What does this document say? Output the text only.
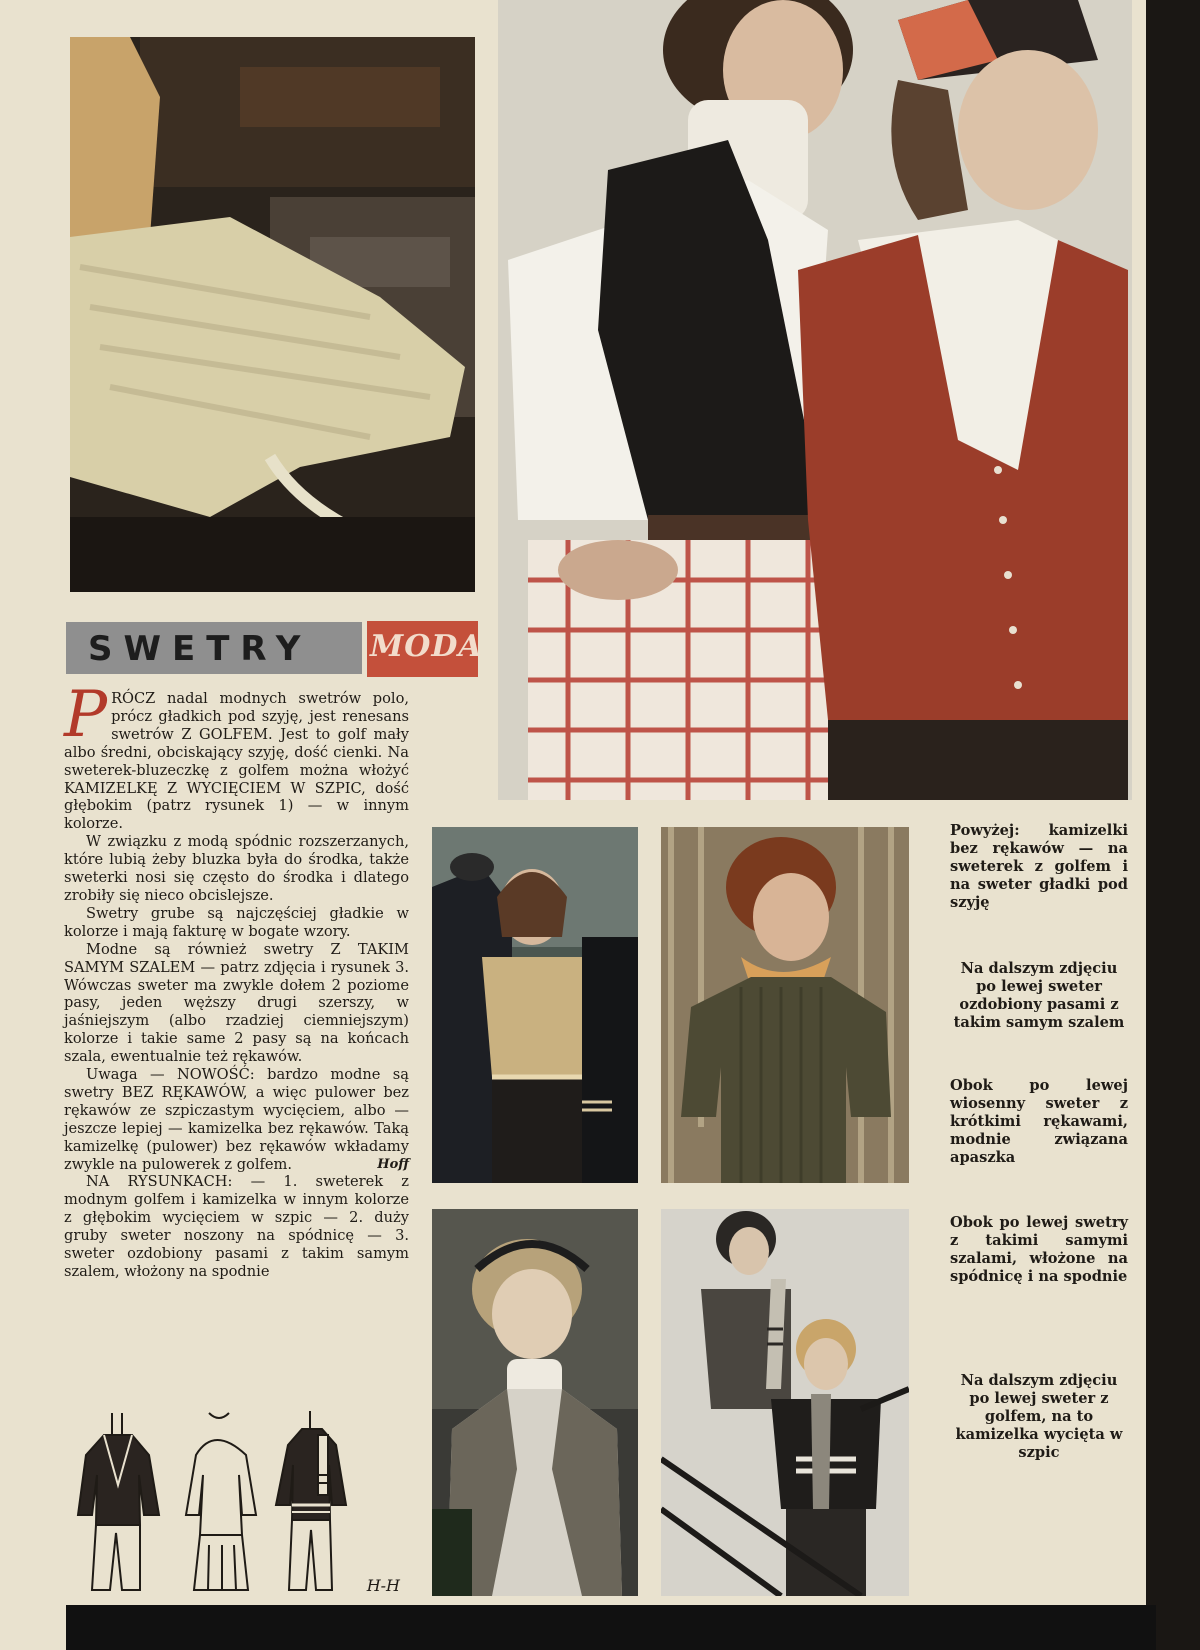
SWETRY MODA

PRÓCZ nadal modnych swetrów polo, prócz gładkich pod szyję, jest renesans swetrów Z GOLFEM. Jest to golf mały albo średni, obciskający szyję, dość cienki. Na sweterek-bluzeczkę z golfem można włożyć KAMIZELKĘ Z WYCIĘCIEM W SZPIC, dość głębokim (patrz rysunek 1) — w innym kolorze.

W związku z modą spódnic rozszerzanych, które lubią żeby bluzka była do środka, także sweterki nosi się często do środka i dlatego zrobiły się nieco obcislejsze.

Swetry grube są najczęściej gładkie w kolorze i mają fakturę w bogate wzory.

Modne są również swetry Z TAKIM SAMYM SZALEM — patrz zdjęcia i rysunek 3. Wówczas sweter ma zwykle dołem 2 poziome pasy, jeden węższy drugi szerszy, w jaśniejszym (albo rzadziej ciemniejszym) kolorze i takie same 2 pasy są na końcach szala, ewentualnie też rękawów.

Uwaga — NOWOŚĆ: bardzo modne są swetry BEZ RĘKAWÓW, a więc pulower bez rękawów ze szpiczastym wycięciem, albo — jeszcze lepiej — kamizelka bez rękawów. Taką kamizelkę (pulower) bez rękawów wkładamy zwykle na pulowerek z golfem.	Hoff

NA RYSUNKACH: — 1. sweterek z modnym golfem i kamizelka w innym kolorze z głębokim wycięciem w szpic — 2. duży gruby sweter noszony na spódnicę — 3. sweter ozdobiony pasami z takim samym szalem, włożony na spodnie

H-H
Powyżej: kamizelki bez rękawów — na sweterek z golfem i na sweter gładki pod szyję
Na dalszym zdjęciu po lewej sweter ozdobiony pasami z takim samym szalem
Obok po lewej wiosenny sweter z krótkimi rękawami, modnie związana apaszka
Obok po lewej swetry z takimi samymi szalami, włożone na spódnicę i na spodnie
Na dalszym zdjęciu po lewej sweter z golfem, na to kamizelka wycięta w szpic
